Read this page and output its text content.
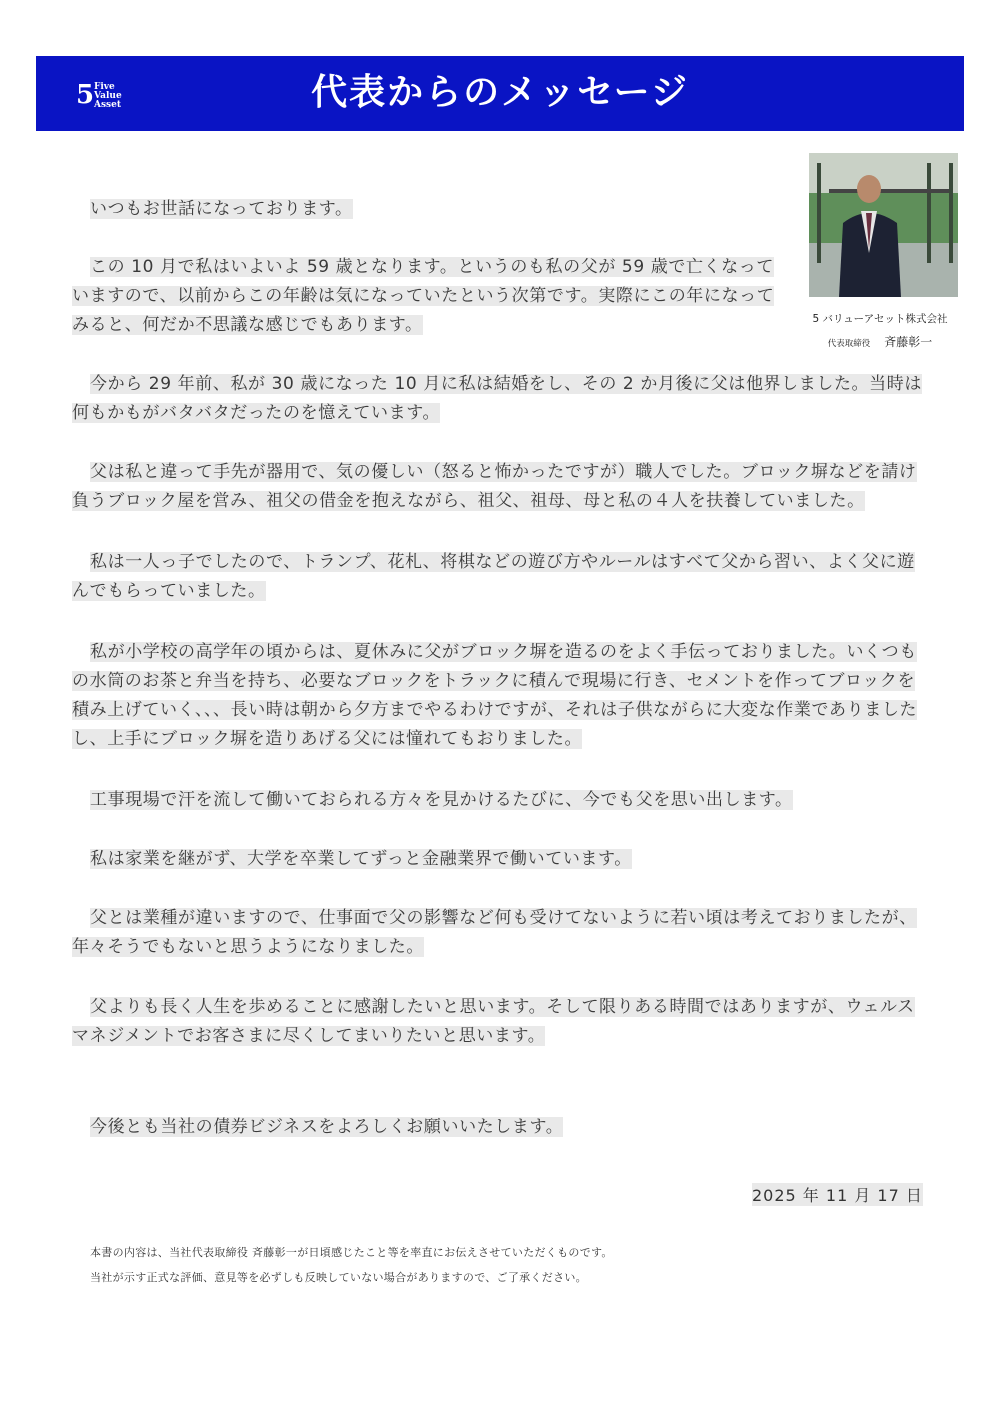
5 Five
Value
Asset	代表からのメッセージ
5 バリューアセット株式会社
代表取締役 斉藤彰一
いつもお世話になっております。
この 10 月で私はいよいよ 59 歳となります。というのも私の父が 59 歳で亡くなっていますので、以前からこの年齢は気になっていたという次第です。実際にこの年になってみると、何だか不思議な感じでもあります。
今から 29 年前、私が 30 歳になった 10 月に私は結婚をし、その 2 か月後に父は他界しました。当時は何もかもがバタバタだったのを憶えています。
父は私と違って手先が器用で、気の優しい（怒ると怖かったですが）職人でした。ブロック塀などを請け負うブロック屋を営み、祖父の借金を抱えながら、祖父、祖母、母と私の４人を扶養していました。
私は一人っ子でしたので、トランプ、花札、将棋などの遊び方やルールはすべて父から習い、よく父に遊んでもらっていました。
私が小学校の高学年の頃からは、夏休みに父がブロック塀を造るのをよく手伝っておりました。いくつもの水筒のお茶と弁当を持ち、必要なブロックをトラックに積んで現場に行き、セメントを作ってブロックを積み上げていく、、、長い時は朝から夕方までやるわけですが、それは子供ながらに大変な作業でありましたし、上手にブロック塀を造りあげる父には憧れてもおりました。
工事現場で汗を流して働いておられる方々を見かけるたびに、今でも父を思い出します。
私は家業を継がず、大学を卒業してずっと金融業界で働いています。
父とは業種が違いますので、仕事面で父の影響など何も受けてないように若い頃は考えておりましたが、年々そうでもないと思うようになりました。
父よりも長く人生を歩めることに感謝したいと思います。そして限りある時間ではありますが、ウェルスマネジメントでお客さまに尽くしてまいりたいと思います。
今後とも当社の債券ビジネスをよろしくお願いいたします。
2025 年 11 月 17 日
本書の内容は、当社代表取締役 斉藤彰一が日頃感じたこと等を率直にお伝えさせていただくものです。
当社が示す正式な評価、意見等を必ずしも反映していない場合がありますので、ご了承ください。
